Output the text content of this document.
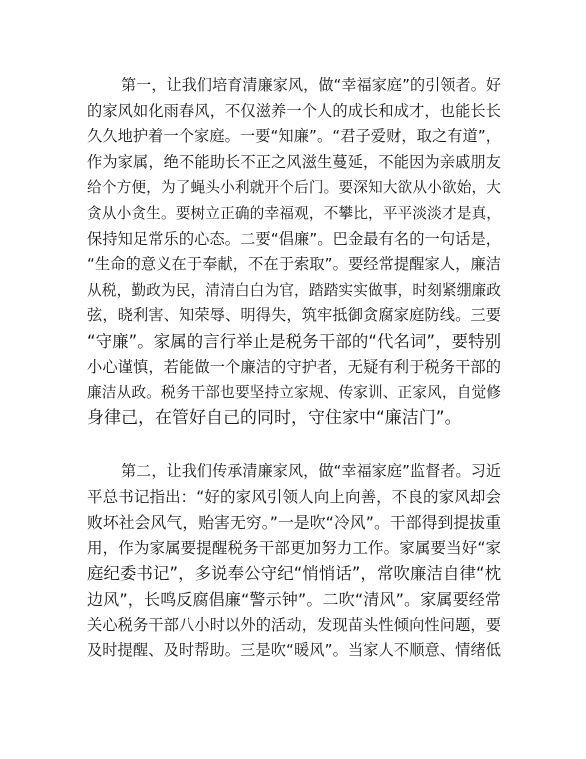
第一，让我们培育清廉家风，做“幸福家庭”的引领者。好
的家风如化雨春风，不仅滋养一个人的成长和成才，也能长长
久久地护着一个家庭。一要“知廉”。“君子爱财，取之有道”，
作为家属，绝不能助长不正之风滋生蔓延，不能因为亲戚朋友
给个方便，为了蝇头小利就开个后门。要深知大欲从小欲始，大
贪从小贪生。要树立正确的幸福观，不攀比，平平淡淡才是真，
保持知足常乐的心态。二要“倡廉”。巴金最有名的一句话是，
“生命的意义在于奉献，不在于索取”。要经常提醒家人，廉洁
从税，勤政为民，清清白白为官，踏踏实实做事，时刻紧绷廉政
弦，晓利害、知荣辱、明得失，筑牢抵御贪腐家庭防线。三要
“守廉”。家属的言行举止是税务干部的“代名词”，要特别
小心谨慎，若能做一个廉洁的守护者，无疑有利于税务干部的
廉洁从政。税务干部也要坚持立家规、传家训、正家风，自觉修
身律己，在管好自己的同时，守住家中“廉洁门”。
第二，让我们传承清廉家风，做“幸福家庭”监督者。习近
平总书记指出：“好的家风引领人向上向善，不良的家风却会
败坏社会风气，贻害无穷。”一是吹“冷风”。干部得到提拔重
用，作为家属要提醒税务干部更加努力工作。家属要当好“家
庭纪委书记”，多说奉公守纪“悄悄话”，常吹廉洁自律“枕
边风”，长鸣反腐倡廉“警示钟”。二吹“清风”。家属要经常
关心税务干部八小时以外的活动，发现苗头性倾向性问题，要
及时提醒、及时帮助。三是吹“暖风”。当家人不顺意、情绪低
